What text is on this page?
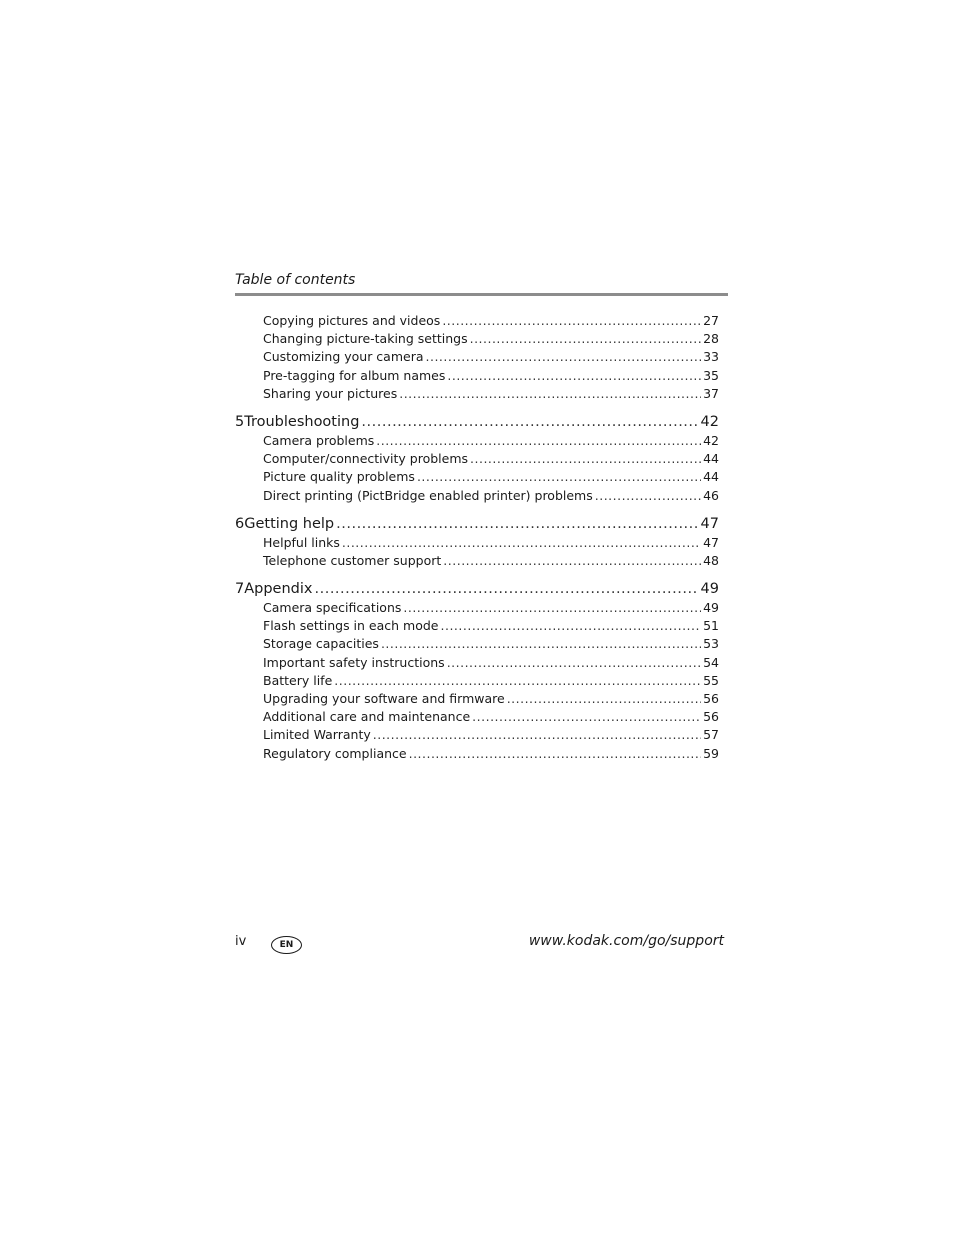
Table of contents
Copying pictures and videos .....	27
Changing picture-taking settings .....	28
Customizing your camera .....	33
Pre-tagging for album names .....	35
Sharing your pictures .....	37
5 Troubleshooting .....	42
Camera problems .....	42
Computer/connectivity problems .....	44
Picture quality problems .....	44
Direct printing (PictBridge enabled printer) problems .....	46
6 Getting help .....	47
Helpful links .....	47
Telephone customer support .....	48
7 Appendix .....	49
Camera specifications .....	49
Flash settings in each mode .....	51
Storage capacities .....	53
Important safety instructions .....	54
Battery life .....	55
Upgrading your software and firmware .....	56
Additional care and maintenance .....	56
Limited Warranty .....	57
Regulatory compliance .....	59
iv	EN	www.kodak.com/go/support
